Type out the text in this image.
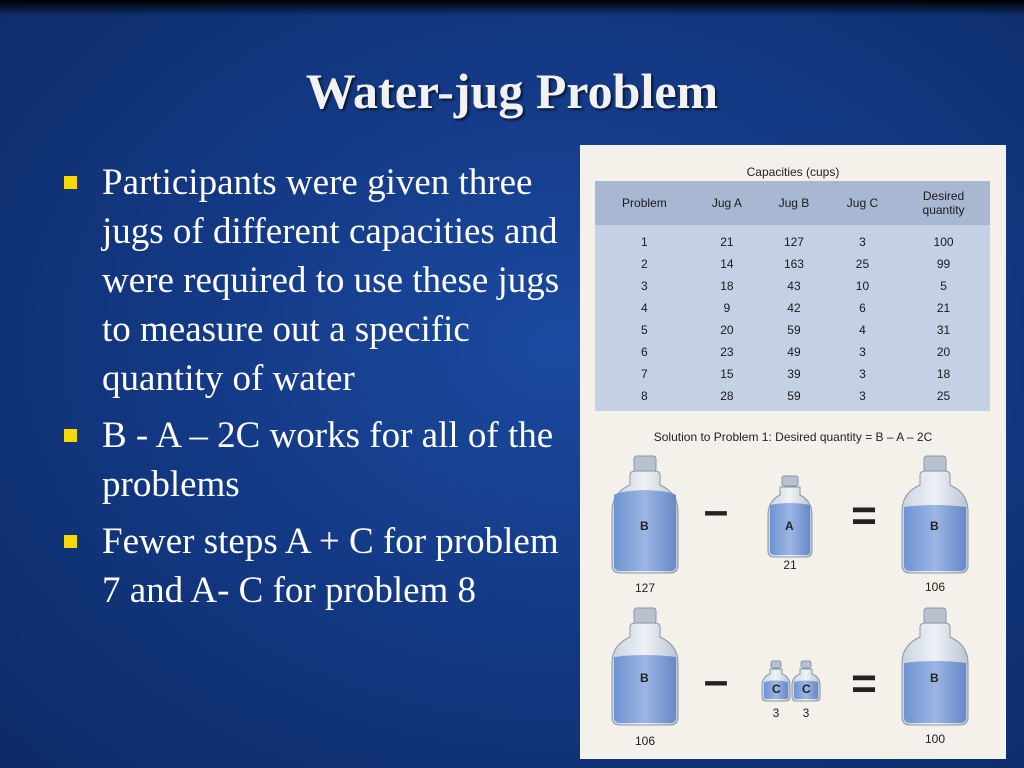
Water-jug Problem
Participants were given three jugs of different capacities and were required to use these jugs to measure out a specific quantity of water
B - A – 2C works for all of the problems
Fewer steps A + C for problem 7 and A- C for problem 8
Capacities (cups)
Problem	Jug A	Jug B	Jug C	Desired
quantity
1	21	127	3	100
2	14	163	25	99
3	18	43	10	5
4	9	42	6	21
5	20	59	4	31
6	23	49	3	20
7	15	39	3	18
8	28	59	3	25
Solution to Problem 1: Desired quantity = B – A – 2C
B
127
–	A
21
=	B
106
B
106
–	C
3
C
3
=	B
100
